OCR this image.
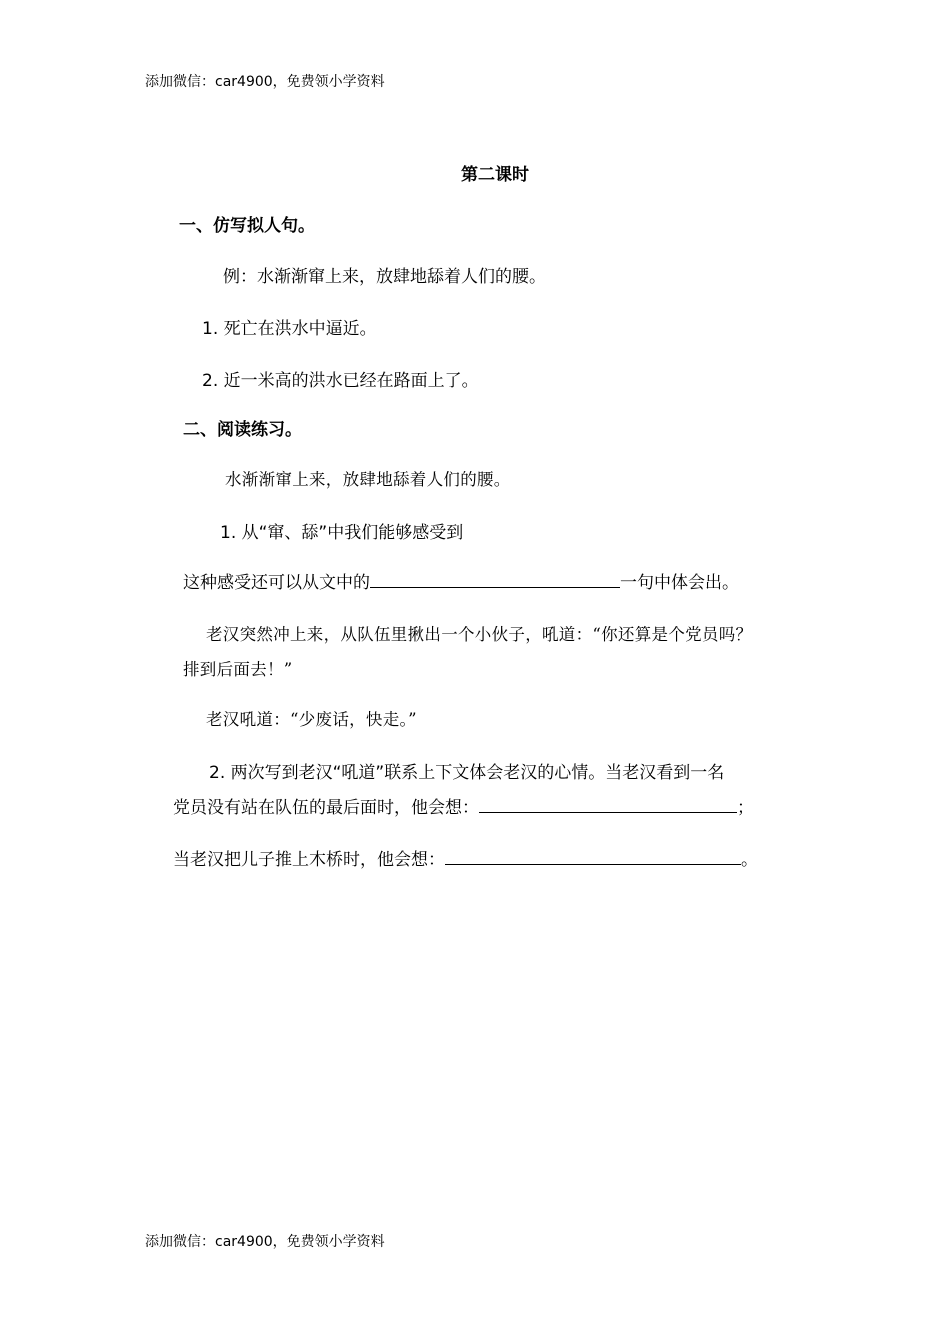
添加微信：car4900，免费领小学资料
第二课时
一、仿写拟人句。
例：水渐渐窜上来，放肆地舔着人们的腰。
1. 死亡在洪水中逼近。
2. 近一米高的洪水已经在路面上了。
二、阅读练习。
水渐渐窜上来，放肆地舔着人们的腰。
1. 从“窜、舔”中我们能够感受到
这种感受还可以从文中的	一句中体会出。
老汉突然冲上来，从队伍里揪出一个小伙子，吼道：“你还算是个党员吗？
排到后面去！”
老汉吼道：“少废话，快走。”
2. 两次写到老汉“吼道”联系上下文体会老汉的心情。当老汉看到一名
党员没有站在队伍的最后面时，他会想：	；
当老汉把儿子推上木桥时，他会想：	。
添加微信：car4900，免费领小学资料
